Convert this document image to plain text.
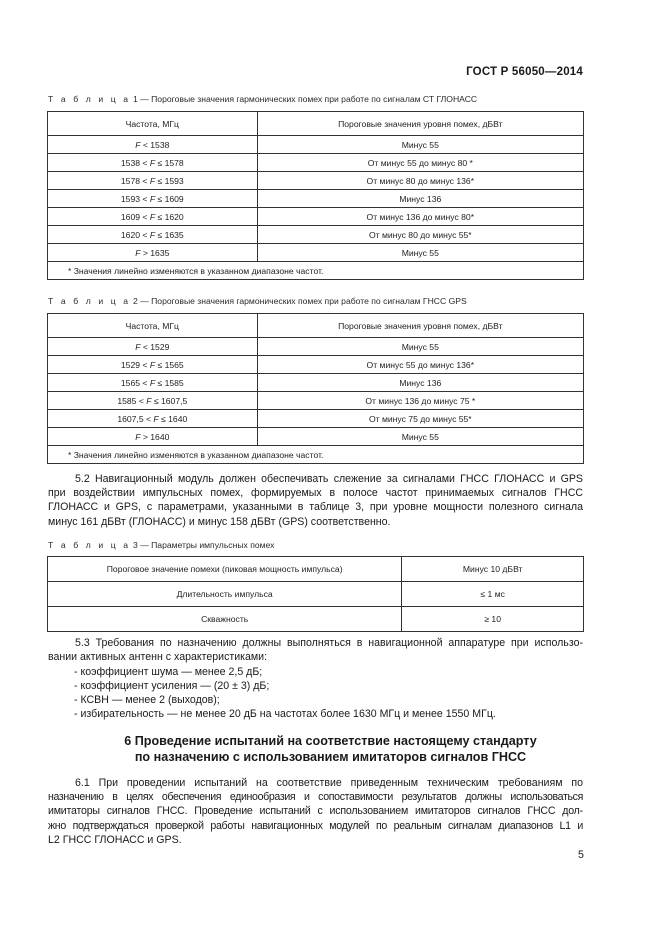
ГОСТ Р 56050—2014
Т а б л и ц а 1 — Пороговые значения гармонических помех при работе по сигналам СТ ГЛОНАСС
Частота, МГц	Пороговые значения уровня помех, дБВт
F < 1538	Минус 55
1538 < F ≤ 1578	От минус 55 до минус 80 *
1578 < F ≤ 1593	От минус 80 до минус 136*
1593 < F ≤ 1609	Минус 136
1609 < F ≤ 1620	От минус 136 до минус 80*
1620 < F ≤ 1635	От минус 80 до минус 55*
F > 1635	Минус 55
* Значения линейно изменяются в указанном диапазоне частот.	
Т а б л и ц а 2 — Пороговые значения гармонических помех при работе по сигналам ГНСС GPS
Частота, МГц	Пороговые значения уровня помех, дБВт
F < 1529	Минус 55
1529 < F ≤ 1565	От минус 55 до минус 136*
1565 < F ≤ 1585	Минус 136
1585 < F ≤ 1607,5	От минус 136 до минус 75 *
1607,5 < F ≤ 1640	От минус 75 до минус 55*
F > 1640	Минус 55
* Значения линейно изменяются в указанном диапазоне частот.	
5.2 Навигационный модуль должен обеспечивать слежение за сигналами ГНСС ГЛОНАСС и GPS
при воздействии импульсных помех, формируемых в полосе частот принимаемых сигналов ГНСС
ГЛОНАСС и GPS, с параметрами, указанными в таблице 3, при уровне мощности полезного сигнала
минус 161 дБВт (ГЛОНАСС) и минус 158 дБВт (GPS) соответственно.
Т а б л и ц а 3 — Параметры импульсных помех
Пороговое значение помехи (пиковая мощность импульса)	Минус 10 дБВт
Длительность импульса	≤ 1 мс
Скважность	≥ 10
5.3 Требования по назначению должны выполняться в навигационной аппаратуре при использо-
вании активных антенн с характеристиками:
- коэффициент шума — менее 2,5 дБ;
- коэффициент усиления — (20 ± 3) дБ;
- КСВН — менее 2 (выходов);
- избирательность — не менее 20 дБ на частотах более 1630 МГц и менее 1550 МГц.
6 Проведение испытаний на соответствие настоящему стандарту
по назначению с использованием имитаторов сигналов ГНСС
6.1 При проведении испытаний на соответствие приведенным техническим требованиям по
назначению в целях обеспечения единообразия и сопоставимости результатов должны использоваться
имитаторы сигналов ГНСС. Проведение испытаний с использованием имитаторов сигналов ГНСС дол-
жно подтверждаться проверкой работы навигационных модулей по реальным сигналам диапазонов L1 и
L2 ГНСС ГЛОНАСС и GPS.
5
